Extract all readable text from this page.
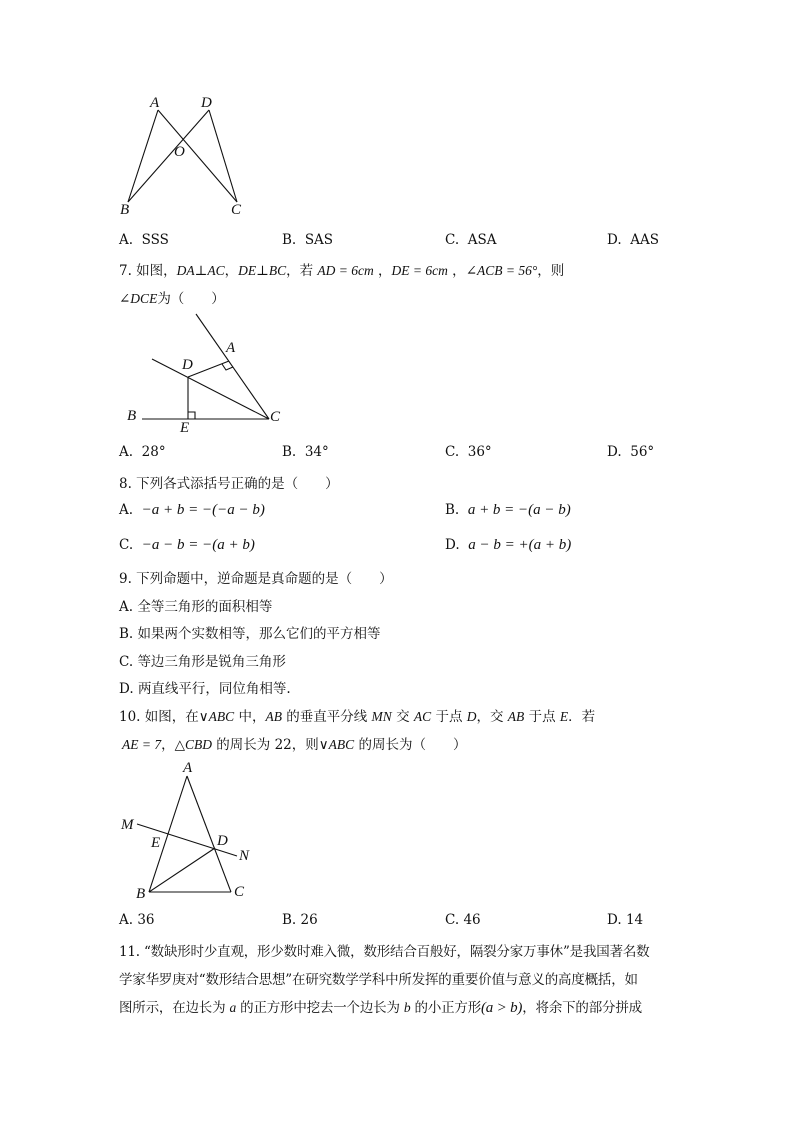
A	D
O
B	C
A. SSS	B. SAS	C. ASA	D. AAS
7. 如图，DA⊥AC，DE⊥BC，若 AD = 6cm ，DE = 6cm ，∠ACB = 56°，则
∠DCE为（　　）
A
D
B
E
C
A. 28°	B. 34°	C. 36°	D. 56°
8. 下列各式添括号正确的是（　　）
A. −a + b = −(−a − b)	B. a + b = −(a − b)
C. −a − b = −(a + b)	D. a − b = +(a + b)
9. 下列命题中，逆命题是真命题的是（　　）
A. 全等三角形的面积相等
B. 如果两个实数相等，那么它们的平方相等
C. 等边三角形是锐角三角形
D. 两直线平行，同位角相等.
10. 如图，在∨ABC 中，AB 的垂直平分线 MN 交 AC 于点 D，交 AB 于点 E．若
AE = 7，△CBD 的周长为 22，则∨ABC 的周长为（　　）
A
M
E	D
N
B	C
A. 36	B. 26	C. 46	D. 14
11. “数缺形时少直观，形少数时难入微，数形结合百般好，隔裂分家万事休”是我国著名数
学家华罗庚对“数形结合思想”在研究数学学科中所发挥的重要价值与意义的高度概括，如
图所示，在边长为 a 的正方形中挖去一个边长为 b 的小正方形(a > b)，将余下的部分拼成
